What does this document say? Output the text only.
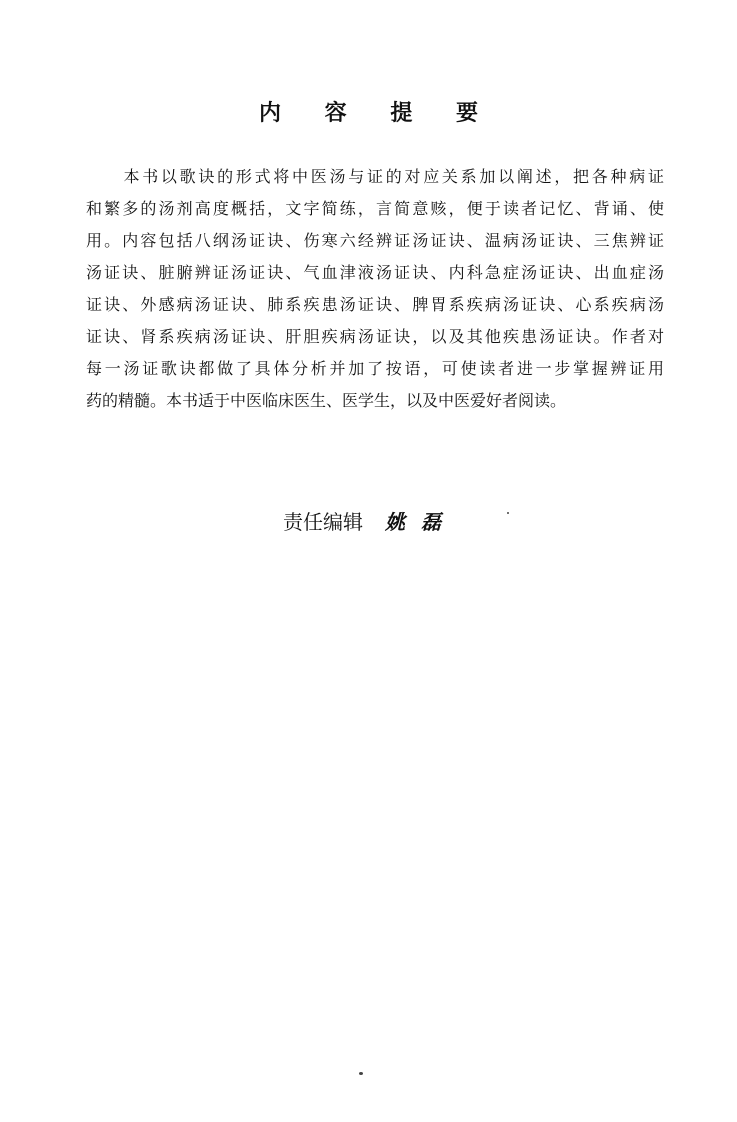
内 容 提 要
　　本书以歌诀的形式将中医汤与证的对应关系加以阐述，把各种病证
和繁多的汤剂高度概括，文字简练，言简意赅，便于读者记忆、背诵、使
用。内容包括八纲汤证诀、伤寒六经辨证汤证诀、温病汤证诀、三焦辨证
汤证诀、脏腑辨证汤证诀、气血津液汤证诀、内科急症汤证诀、出血症汤
证诀、外感病汤证诀、肺系疾患汤证诀、脾胃系疾病汤证诀、心系疾病汤
证诀、肾系疾病汤证诀、肝胆疾病汤证诀，以及其他疾患汤证诀。作者对
每一汤证歌诀都做了具体分析并加了按语，可使读者进一步掌握辨证用
药的精髓。本书适于中医临床医生、医学生，以及中医爱好者阅读。
责任编辑 姚磊
